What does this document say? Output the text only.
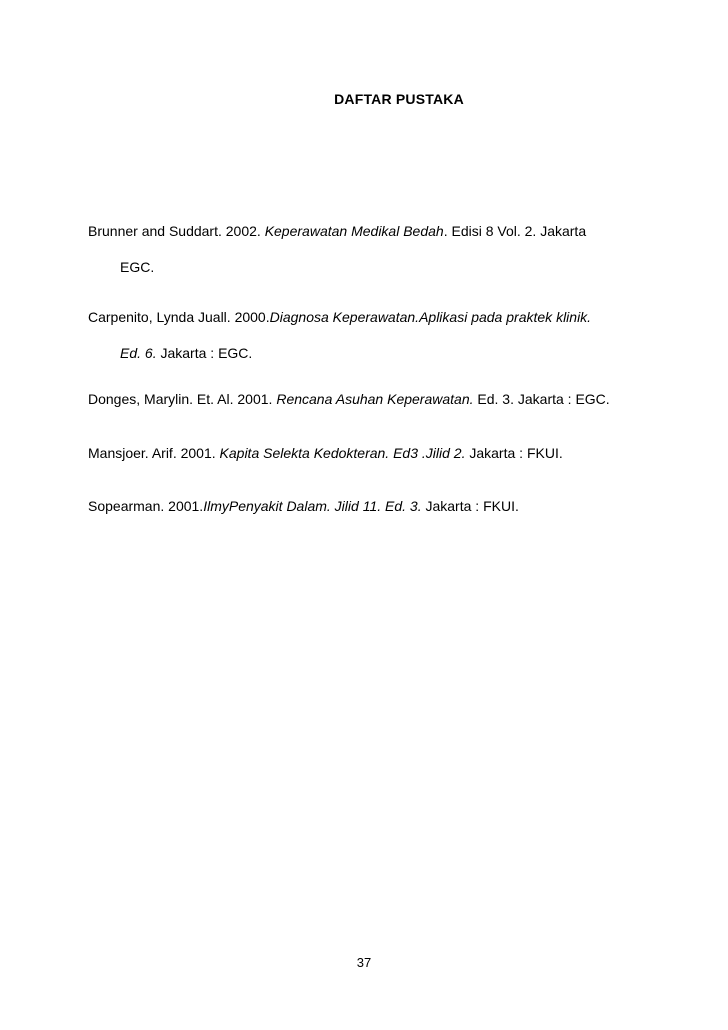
DAFTAR PUSTAKA
Brunner and Suddart. 2002. Keperawatan Medikal Bedah. Edisi 8 Vol. 2. Jakarta
EGC.
Carpenito, Lynda Juall. 2000.Diagnosa Keperawatan.Aplikasi pada praktek klinik.
Ed. 6. Jakarta : EGC.
Donges, Marylin. Et. Al. 2001. Rencana Asuhan Keperawatan. Ed. 3. Jakarta : EGC.
Mansjoer. Arif. 2001. Kapita Selekta Kedokteran. Ed3 .Jilid 2. Jakarta : FKUI.
Sopearman. 2001.IlmyPenyakit Dalam. Jilid 11. Ed. 3. Jakarta : FKUI.
37
